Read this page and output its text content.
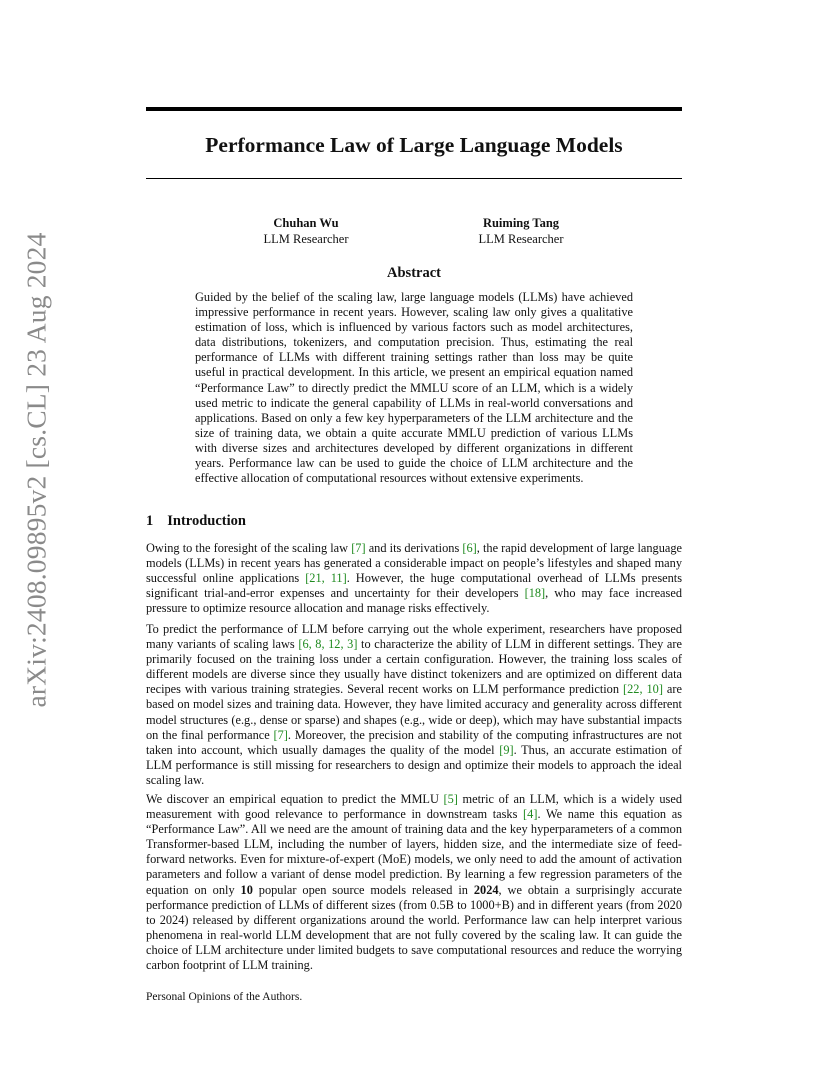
arXiv:2408.09895v2 [cs.CL] 23 Aug 2024
Performance Law of Large Language Models
Chuhan Wu
LLM Researcher
Ruiming Tang
LLM Researcher
Abstract

Guided by the belief of the scaling law, large language models (LLMs) have achieved impressive performance in recent years. However, scaling law only gives a qualitative estimation of loss, which is influenced by various factors such as model architectures, data distributions, tokenizers, and computation precision. Thus, estimating the real performance of LLMs with different training settings rather than loss may be quite useful in practical development. In this article, we present an empirical equation named “Performance Law” to directly predict the MMLU score of an LLM, which is a widely used metric to indicate the general capability of LLMs in real-world conversations and applications. Based on only a few key hyperparameters of the LLM architecture and the size of training data, we obtain a quite accurate MMLU prediction of various LLMs with diverse sizes and architectures developed by different organizations in different years. Performance law can be used to guide the choice of LLM architecture and the effective allocation of computational resources without extensive experiments.

1 Introduction

Owing to the foresight of the scaling law [7] and its derivations [6], the rapid development of large language models (LLMs) in recent years has generated a considerable impact on people’s lifestyles and shaped many successful online applications [21, 11]. However, the huge computational overhead of LLMs presents significant trial-and-error expenses and uncertainty for their developers [18], who may face increased pressure to optimize resource allocation and manage risks effectively.

To predict the performance of LLM before carrying out the whole experiment, researchers have proposed many variants of scaling laws [6, 8, 12, 3] to characterize the ability of LLM in different settings. They are primarily focused on the training loss under a certain configuration. However, the training loss scales of different models are diverse since they usually have distinct tokenizers and are optimized on different data recipes with various training strategies. Several recent works on LLM performance prediction [22, 10] are based on model sizes and training data. However, they have limited accuracy and generality across different model structures (e.g., dense or sparse) and shapes (e.g., wide or deep), which may have substantial impacts on the final performance [7]. Moreover, the precision and stability of the computing infrastructures are not taken into account, which usually damages the quality of the model [9]. Thus, an accurate estimation of LLM performance is still missing for researchers to design and optimize their models to approach the ideal scaling law.

We discover an empirical equation to predict the MMLU [5] metric of an LLM, which is a widely used measurement with good relevance to performance in downstream tasks [4]. We name this equation as “Performance Law”. All we need are the amount of training data and the key hyperparameters of a common Transformer-based LLM, including the number of layers, hidden size, and the intermediate size of feed-forward networks. Even for mixture-of-expert (MoE) models, we only need to add the amount of activation parameters and follow a variant of dense model prediction. By learning a few regression parameters of the equation on only 10 popular open source models released in 2024, we obtain a surprisingly accurate performance prediction of LLMs of different sizes (from 0.5B to 1000+B) and in different years (from 2020 to 2024) released by different organizations around the world. Performance law can help interpret various phenomena in real-world LLM development that are not fully covered by the scaling law. It can guide the choice of LLM architecture under limited budgets to save computational resources and reduce the worrying carbon footprint of LLM training.

Personal Opinions of the Authors.
